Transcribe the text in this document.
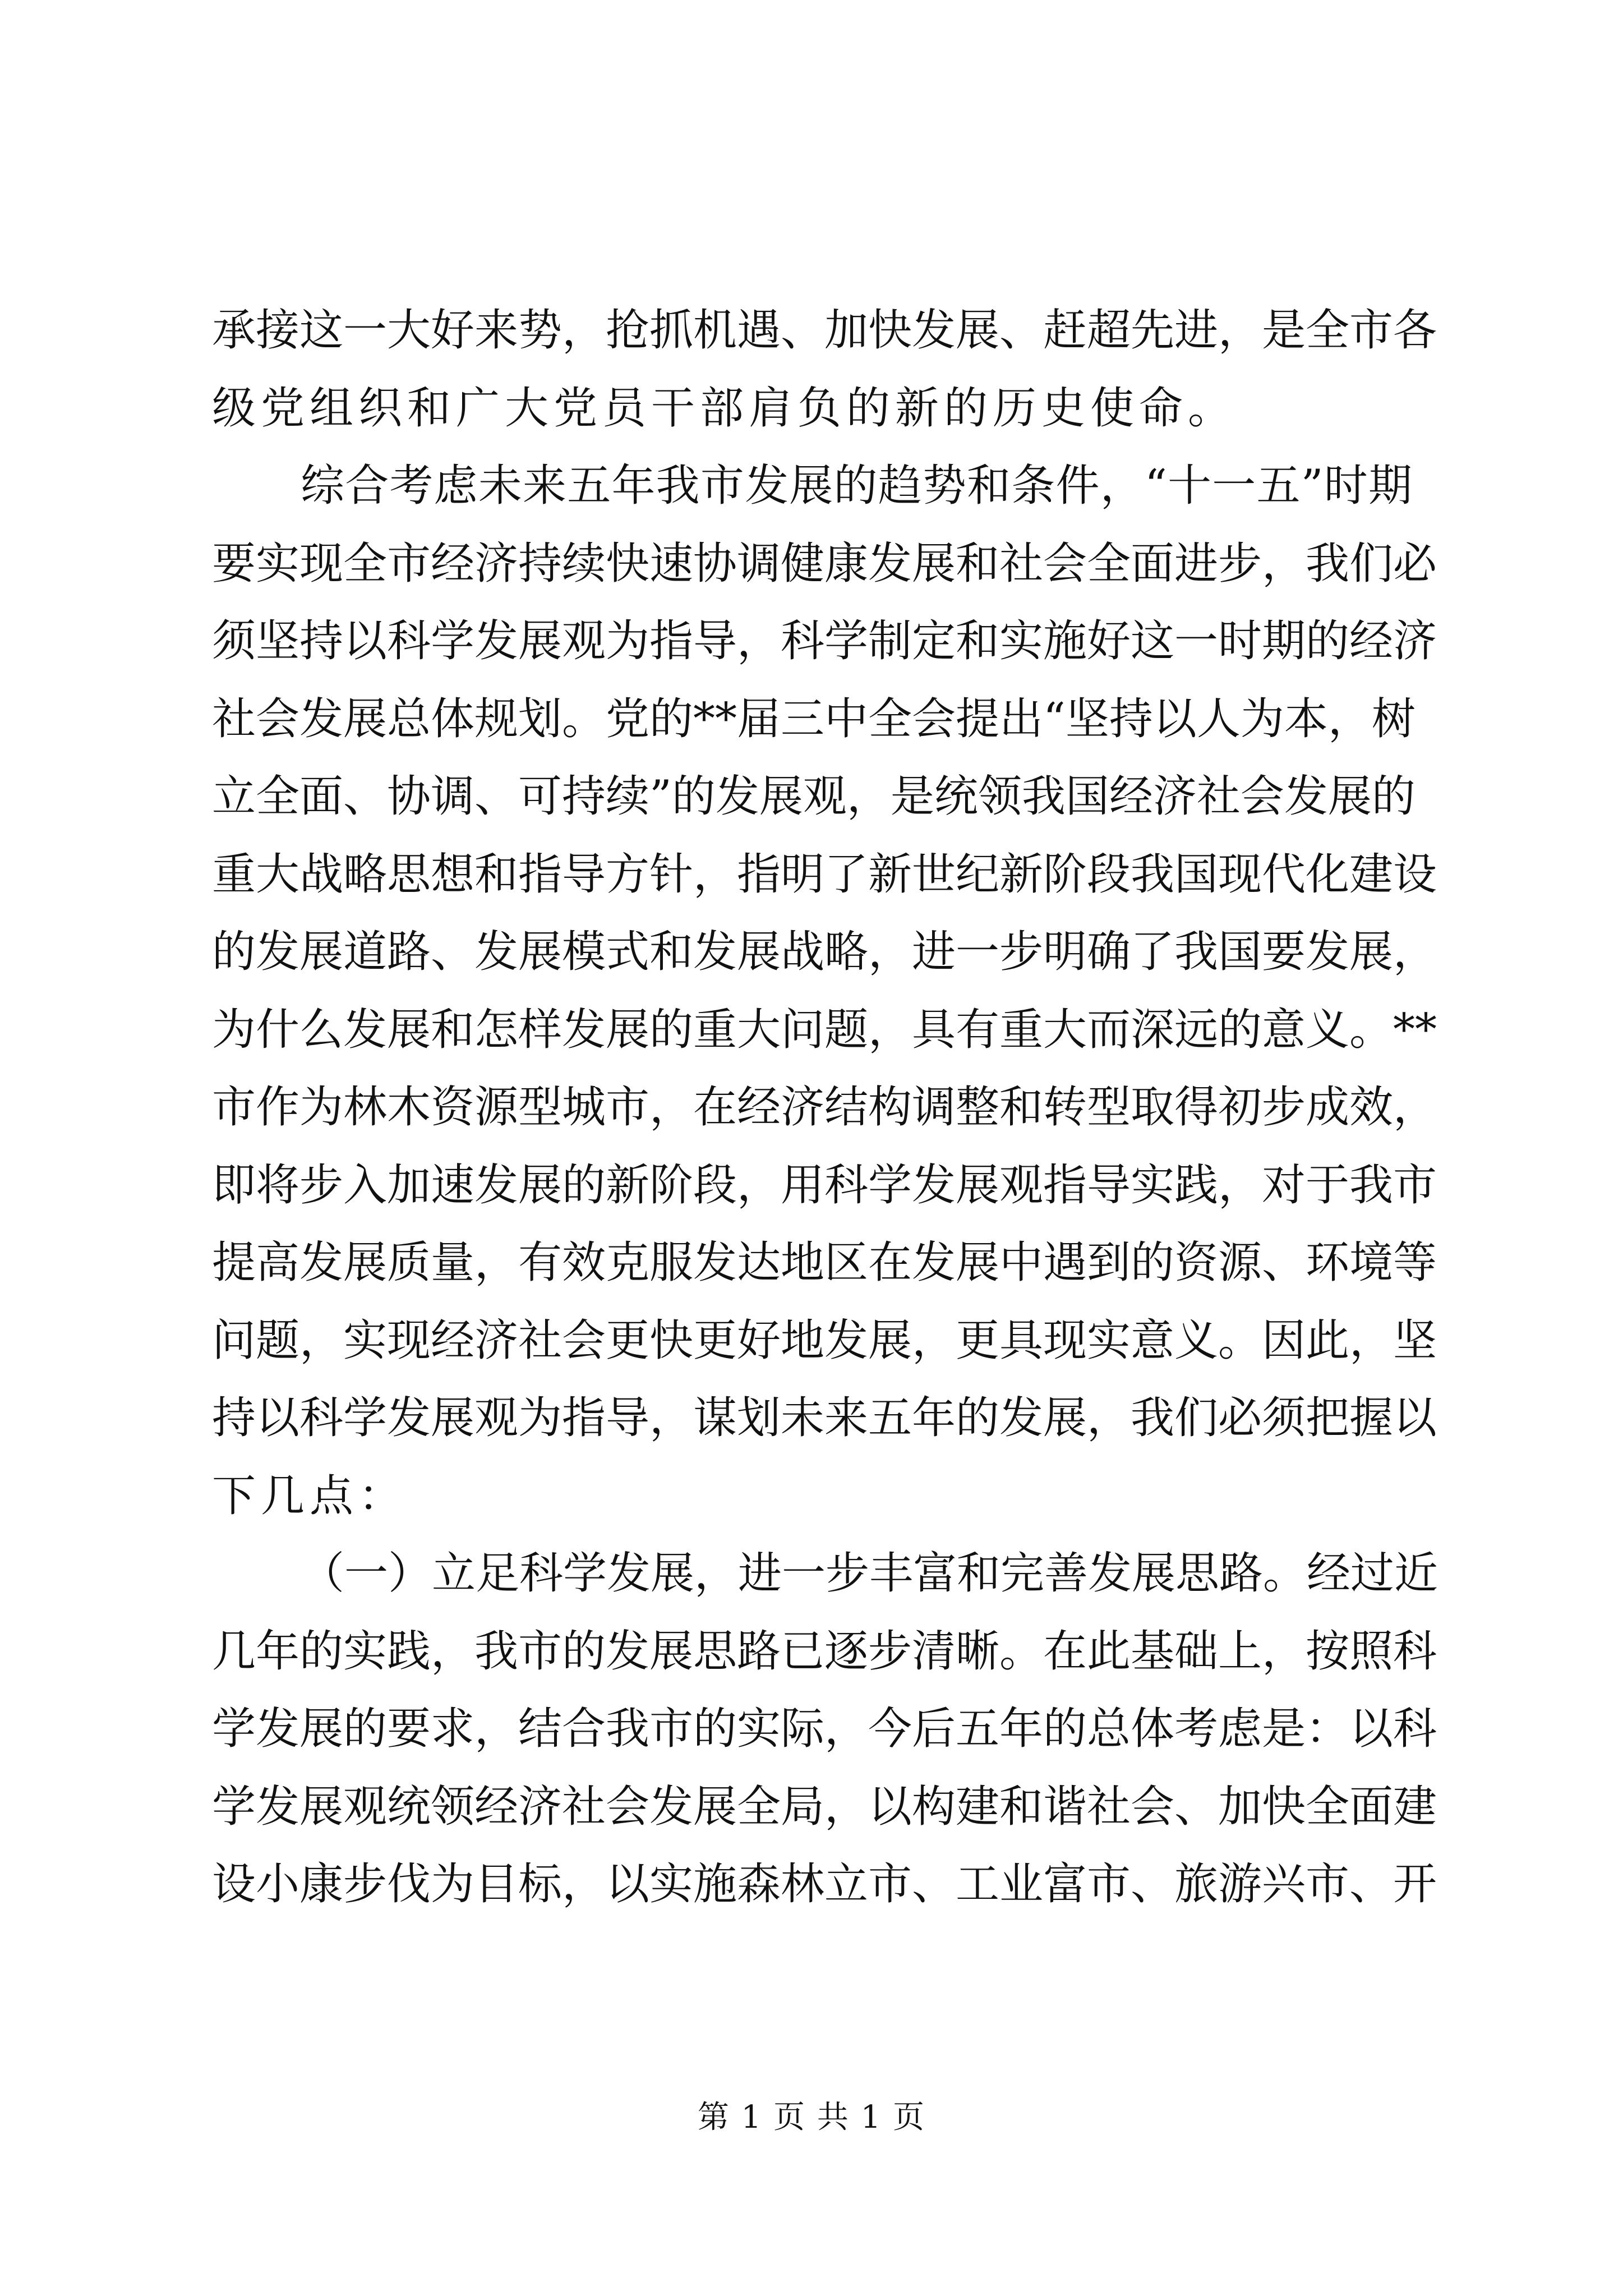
承接这一大好来势，抢抓机遇、加快发展、赶超先进，是全市各
级党组织和广大党员干部肩负的新的历史使命。
综合考虑未来五年我市发展的趋势和条件，“十一五”时期
要实现全市经济持续快速协调健康发展和社会全面进步，我们必
须坚持以科学发展观为指导，科学制定和实施好这一时期的经济
社会发展总体规划。党的**届三中全会提出“坚持以人为本，树
立全面、协调、可持续”的发展观，是统领我国经济社会发展的
重大战略思想和指导方针，指明了新世纪新阶段我国现代化建设
的发展道路、发展模式和发展战略，进一步明确了我国要发展，
为什么发展和怎样发展的重大问题，具有重大而深远的意义。**
市作为林木资源型城市，在经济结构调整和转型取得初步成效，
即将步入加速发展的新阶段，用科学发展观指导实践，对于我市
提高发展质量，有效克服发达地区在发展中遇到的资源、环境等
问题，实现经济社会更快更好地发展，更具现实意义。因此，坚
持以科学发展观为指导，谋划未来五年的发展，我们必须把握以
下几点：
（一）立足科学发展，进一步丰富和完善发展思路。经过近
几年的实践，我市的发展思路已逐步清晰。在此基础上，按照科
学发展的要求，结合我市的实际，今后五年的总体考虑是：以科
学发展观统领经济社会发展全局，以构建和谐社会、加快全面建
设小康步伐为目标，以实施森林立市、工业富市、旅游兴市、开
第 1 页 共 1 页
